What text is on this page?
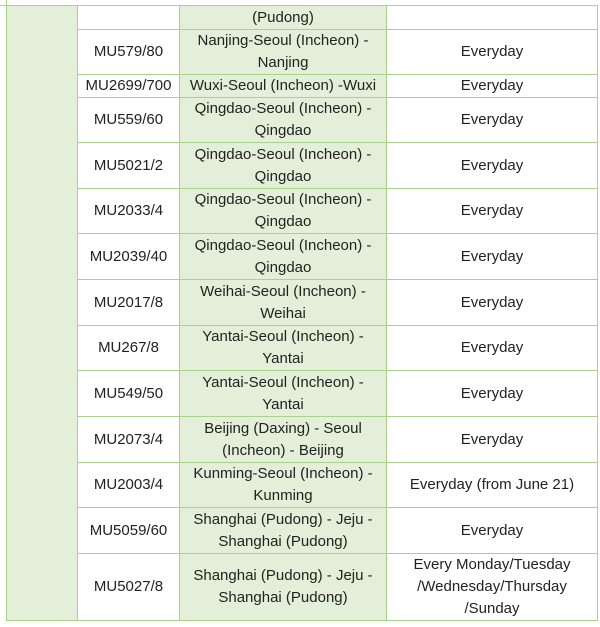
		(Pudong)	
	MU579/80	Nanjing-Seoul (Incheon) -
Nanjing	Everyday
	MU2699/700	Wuxi-Seoul (Incheon) -Wuxi	Everyday
	MU559/60	Qingdao-Seoul (Incheon) -
Qingdao	Everyday
	MU5021/2	Qingdao-Seoul (Incheon) -
Qingdao	Everyday
	MU2033/4	Qingdao-Seoul (Incheon) -
Qingdao	Everyday
	MU2039/40	Qingdao-Seoul (Incheon) -
Qingdao	Everyday
	MU2017/8	Weihai-Seoul (Incheon) -
Weihai	Everyday
	MU267/8	Yantai-Seoul (Incheon) -
Yantai	Everyday
	MU549/50	Yantai-Seoul (Incheon) -
Yantai	Everyday
	MU2073/4	Beijing (Daxing) - Seoul
(Incheon) - Beijing	Everyday
	MU2003/4	Kunming-Seoul (Incheon) -
Kunming	Everyday (from June 21)
	MU5059/60	Shanghai (Pudong) - Jeju -
Shanghai (Pudong)	Everyday
	MU5027/8	Shanghai (Pudong) - Jeju -
Shanghai (Pudong)	Every Monday/Tuesday
/Wednesday/Thursday
/Sunday
